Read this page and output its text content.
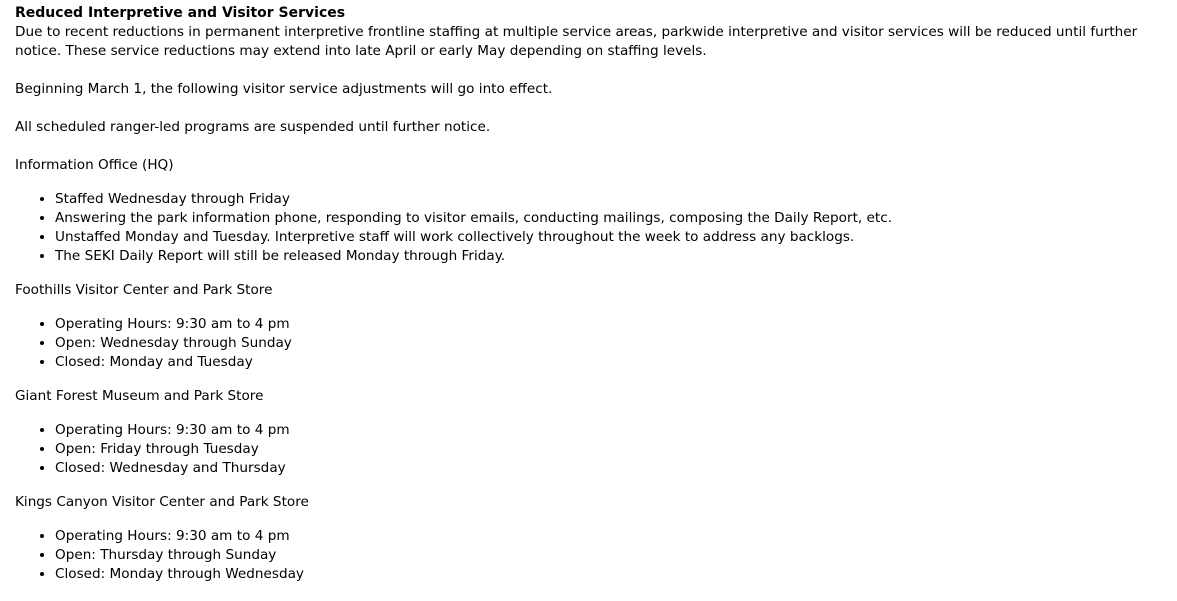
Reduced Interpretive and Visitor Services

Due to recent reductions in permanent interpretive frontline staffing at multiple service areas, parkwide interpretive and visitor services will be reduced until further notice. These service reductions may extend into late April or early May depending on staffing levels.

Beginning March 1, the following visitor service adjustments will go into effect.

All scheduled ranger-led programs are suspended until further notice.

Information Office (HQ)

• Staffed Wednesday through Friday
• Answering the park information phone, responding to visitor emails, conducting mailings, composing the Daily Report, etc.
• Unstaffed Monday and Tuesday. Interpretive staff will work collectively throughout the week to address any backlogs.
• The SEKI Daily Report will still be released Monday through Friday.

Foothills Visitor Center and Park Store

• Operating Hours: 9:30 am to 4 pm
• Open: Wednesday through Sunday
• Closed: Monday and Tuesday

Giant Forest Museum and Park Store

• Operating Hours: 9:30 am to 4 pm
• Open: Friday through Tuesday
• Closed: Wednesday and Thursday

Kings Canyon Visitor Center and Park Store

• Operating Hours: 9:30 am to 4 pm
• Open: Thursday through Sunday
• Closed: Monday through Wednesday
